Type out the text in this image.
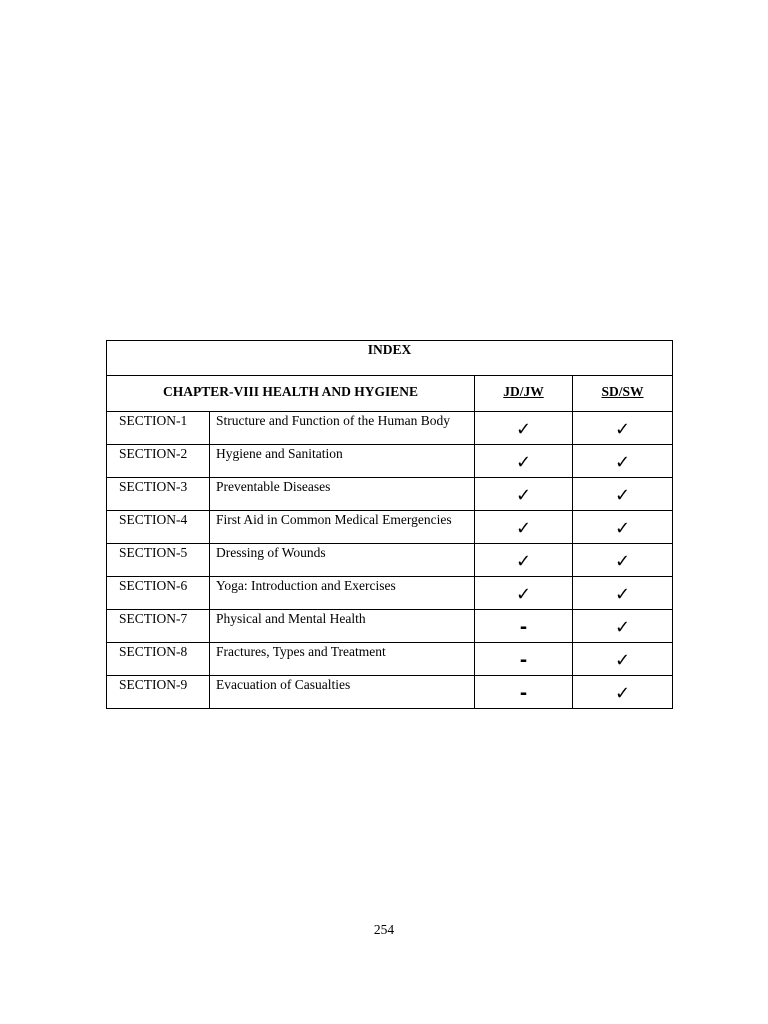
INDEX			
CHAPTER-VIII HEALTH AND HYGIENE		JD/JW	SD/SW
SECTION-1	Structure and Function of the Human Body	✓	✓
SECTION-2	Hygiene and Sanitation	✓	✓
SECTION-3	Preventable Diseases	✓	✓
SECTION-4	First Aid in Common Medical Emergencies	✓	✓
SECTION-5	Dressing of Wounds	✓	✓
SECTION-6	Yoga: Introduction and Exercises	✓	✓
SECTION-7	Physical and Mental Health	-	✓
SECTION-8	Fractures, Types and Treatment	-	✓
SECTION-9	Evacuation of Casualties	-	✓
254
